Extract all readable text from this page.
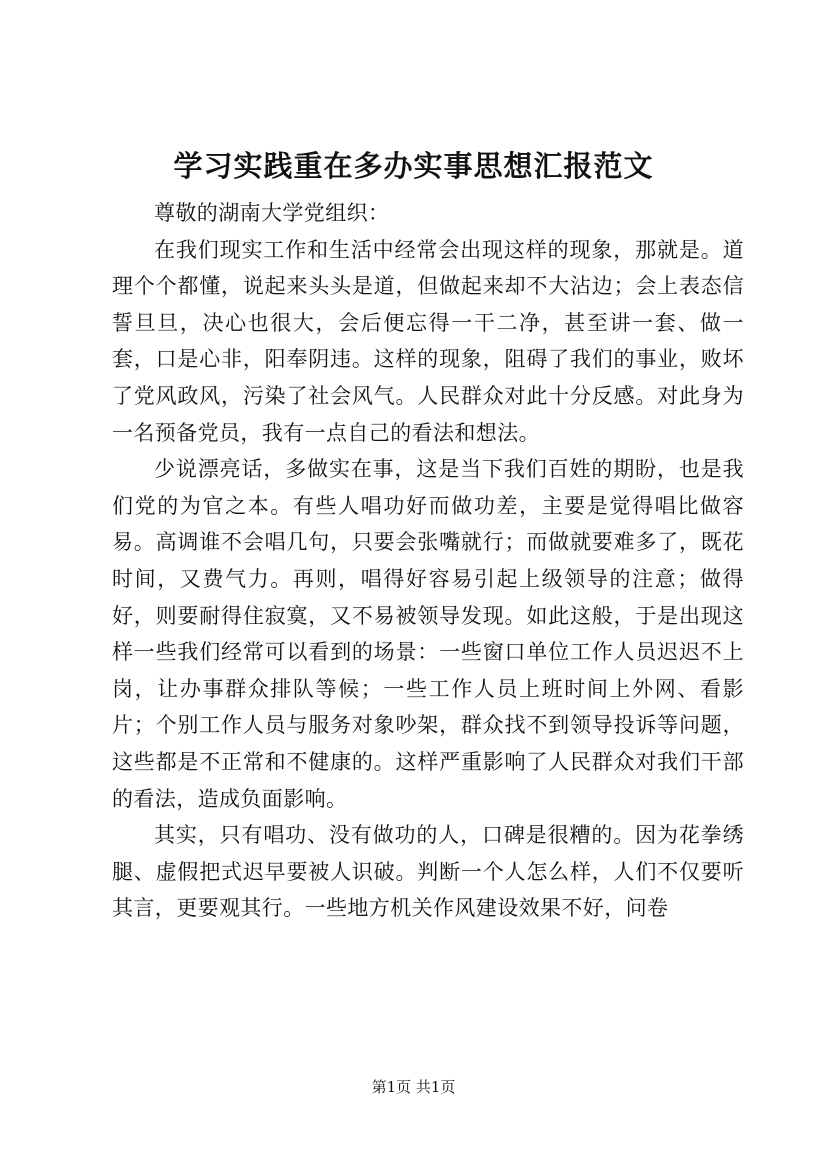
学习实践重在多办实事思想汇报范文

尊敬的湖南大学党组织：

在我们现实工作和生活中经常会出现这样的现象，那就是。道理个个都懂，说起来头头是道，但做起来却不大沾边；会上表态信誓旦旦，决心也很大，会后便忘得一干二净，甚至讲一套、做一套，口是心非，阳奉阴违。这样的现象，阻碍了我们的事业，败坏了党风政风，污染了社会风气。人民群众对此十分反感。对此身为一名预备党员，我有一点自己的看法和想法。

少说漂亮话，多做实在事，这是当下我们百姓的期盼，也是我们党的为官之本。有些人唱功好而做功差，主要是觉得唱比做容易。高调谁不会唱几句，只要会张嘴就行；而做就要难多了，既花时间，又费气力。再则，唱得好容易引起上级领导的注意；做得好，则要耐得住寂寞，又不易被领导发现。如此这般，于是出现这样一些我们经常可以看到的场景：一些窗口单位工作人员迟迟不上岗，让办事群众排队等候；一些工作人员上班时间上外网、看影片；个别工作人员与服务对象吵架，群众找不到领导投诉等问题，这些都是不正常和不健康的。这样严重影响了人民群众对我们干部的看法，造成负面影响。

其实，只有唱功、没有做功的人，口碑是很糟的。因为花拳绣腿、虚假把式迟早要被人识破。判断一个人怎么样，人们不仅要听其言，更要观其行。一些地方机关作风建设效果不好，问卷

第1页 共1页
